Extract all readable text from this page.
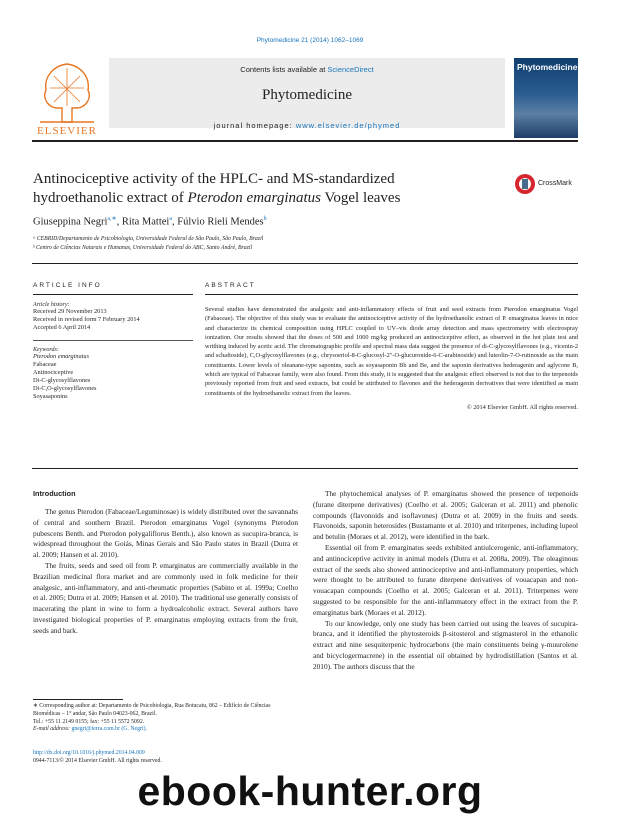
Phytomedicine 21 (2014) 1062–1069
ELSEVIER
Contents lists available at ScienceDirect
Phytomedicine
journal homepage: www.elsevier.de/phymed
Phytomedicine
Antinociceptive activity of the HPLC- and MS-standardized
hydroethanolic extract of Pterodon emarginatus Vogel leaves
CrossMark
Giuseppina Negri$^{a,∗}$, Rita Mattei$^a$, Fúlvio Rieli Mendes$^b$
ᵃ CEBRID/Departamento de Psicobiologia, Universidade Federal de São Paulo, São Paulo, Brazil
ᵇ Centro de Ciências Naturais e Humanas, Universidade Federal do ABC, Santo André, Brazil
ARTICLE INFO
Article history:
Received 29 November 2013
Received in revised form 7 February 2014
Accepted 6 April 2014
Keywords:
Pterodon emarginatus
Fabaceae
Antinociceptive
Di-C-glycosylflavones
Di-C,O-glycosylflavones
Soyasaponins
ABSTRACT
Several studies have demonstrated the analgesic and anti-inflammatory effects of fruit and seed extracts from Pterodon emarginatus Vogel (Fabaceae). The objective of this study was to evaluate the antinociceptive activity of the hydroethanolic extract of P. emarginatus leaves in mice and characterize its chemical composition using HPLC coupled to UV–vis diode array detection and mass spectrometry with electrospray ionization. Our results showed that the doses of 500 and 1000 mg/kg produced an antinociceptive effect, as observed in the hot plate test and writhing induced by acetic acid. The chromatographic profile and spectral mass data suggest the presence of di-C-glycosylflavones (e.g., vicenin-2 and schaftoside), C,O-glycosylflavones (e.g., chrysoeriol-8-C-glucosyl-2″-O-glucuronide-6-C-arabinoside) and luteolin-7-O-rutinoside as the main constituents. Lower levels of oleanane-type saponins, such as soyasaponin Bb and Be, and the saponin derivatives hederagenin and aglycone B, which are typical of Fabaceae family, were also found. From this study, it is suggested that the analgesic effect observed is not due to the terpenoids previously reported from fruit and seed extracts, but could be attributed to flavones and the hederagenin derivatives that were identified as main constituents of the hydroethanolic extract from the leaves.
© 2014 Elsevier GmbH. All rights reserved.
Introduction

The genus Pterodon (Fabaceae/Leguminosae) is widely distributed over the savannahs of central and southern Brazil. Pterodon emarginatus Vogel (synonyms Pterodon pubescens Benth. and Pterodon polygaliflorus Benth.), also known as sucupira-branca, is widespread throughout the Goiás, Minas Gerais and São Paulo states in Brazil (Dutra et al. 2009; Hansen et al. 2010).

The fruits, seeds and seed oil from P. emarginatus are commercially available in the Brazilian medicinal flora market and are commonly used in folk medicine for their analgesic, anti-inflammatory, and anti-rheumatic properties (Sabino et al. 1999a; Coelho et al. 2005; Dutra et al. 2009; Hansen et al. 2010). The traditional use generally consists of macerating the plant in wine to form a hydroalcoholic extract. Several authors have investigated biological properties of P. emarginatus employing extracts from the fruit, seeds and bark.

The phytochemical analyses of P. emarginatus showed the presence of terpenoids (furane diterpene derivatives) (Coelho et al. 2005; Galceran et al. 2011) and phenolic compounds (flavonoids and isoflavones) (Dutra et al. 2009) in the fruits and seeds. Flavonoids, saponin heterosides (Bustamante et al. 2010) and triterpenes, including lupeol and betulin (Moraes et al. 2012), were identified in the bark.

Essential oil from P. emarginatus seeds exhibited antiulcerogenic, anti-inflammatory, and antinociceptive activity in animal models (Dutra et al. 2008a, 2009). The oleaginous extract of the seeds also showed antinociceptive and anti-inflammatory properties, which were thought to be attributed to furane diterpene derivatives of vouacapan and non-vouacapan compounds (Coelho et al. 2005; Galceran et al. 2011). Triterpenes were suggested to be responsible for the anti-inflammatory effect in the extract from the P. emarginatus bark (Moraes et al. 2012).

To our knowledge, only one study has been carried out using the leaves of sucupira-branca, and it identified the phytosteroids β-sitosterol and stigmasterol in the ethanolic extract and nine sesquiterpenic hydrocarbons (the main constituents being γ-muurolene and bicyclogermacrene) in the essential oil obtained by hydrodistillation (Santos et al. 2010). The authors discuss that the

∗ Corresponding author at: Departamento de Psicobiologia, Rua Botucatu, 862 – Edifício de Ciências Biomédicas – 1° andar, São Paulo 04023-062, Brazil.
Tel.: +55 11 2149 0155; fax: +55 11 5572 5092.
E-mail address: gnegri@terra.com.br (G. Negri).
http://dx.doi.org/10.1016/j.phymed.2014.04.009
0944-7113/© 2014 Elsevier GmbH. All rights reserved.
ebook-hunter.org
